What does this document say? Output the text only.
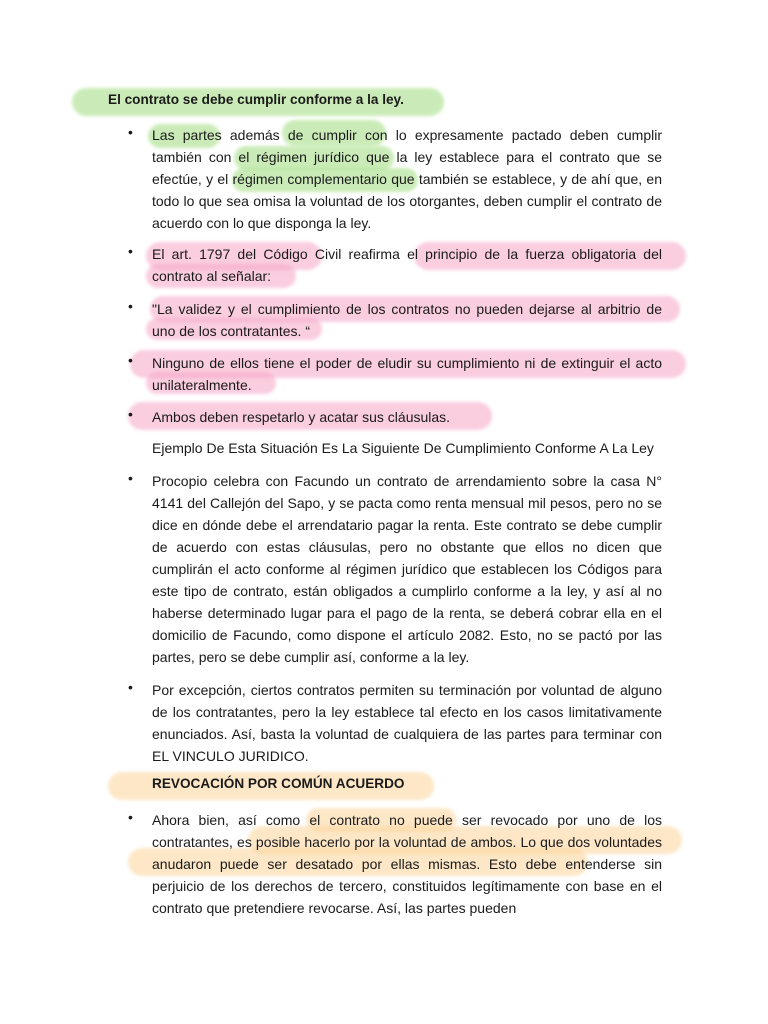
El contrato se debe cumplir conforme a la ley.
• Las partes además de cumplir con lo expresamente pactado deben cumplir también con el régimen jurídico que la ley establece para el contrato que se efectúe, y el régimen complementario que también se establece, y de ahí que, en todo lo que sea omisa la voluntad de los otorgantes, deben cumplir el contrato de acuerdo con lo que disponga la ley.
• El art. 1797 del Código Civil reafirma el principio de la fuerza obligatoria del contrato al señalar:
• "La validez y el cumplimiento de los contratos no pueden dejarse al arbitrio de uno de los contratantes. “
• Ninguno de ellos tiene el poder de eludir su cumplimiento ni de extinguir el acto unilateralmente.
• Ambos deben respetarlo y acatar sus cláusulas.
Ejemplo De Esta Situación Es La Siguiente De Cumplimiento Conforme A La Ley
• Procopio celebra con Facundo un contrato de arrendamiento sobre la casa N° 4141 del Callejón del Sapo, y se pacta como renta mensual mil pesos, pero no se dice en dónde debe el arrendatario pagar la renta. Este contrato se debe cumplir de acuerdo con estas cláusulas, pero no obstante que ellos no dicen que cumplirán el acto conforme al régimen jurídico que establecen los Códigos para este tipo de contrato, están obligados a cumplirlo conforme a la ley, y así al no haberse determinado lugar para el pago de la renta, se deberá cobrar ella en el domicilio de Facundo, como dispone el artículo 2082. Esto, no se pactó por las partes, pero se debe cumplir así, conforme a la ley.
• Por excepción, ciertos contratos permiten su terminación por voluntad de alguno de los contratantes, pero la ley establece tal efecto en los casos limitativamente enunciados. Así, basta la voluntad de cualquiera de las partes para terminar con EL VINCULO JURIDICO.
REVOCACIÓN POR COMÚN ACUERDO
• Ahora bien, así como el contrato no puede ser revocado por uno de los contratantes, es posible hacerlo por la voluntad de ambos. Lo que dos voluntades anudaron puede ser desatado por ellas mismas. Esto debe entenderse sin perjuicio de los derechos de tercero, constituidos legítimamente con base en el contrato que pretendiere revocarse. Así, las partes pueden
